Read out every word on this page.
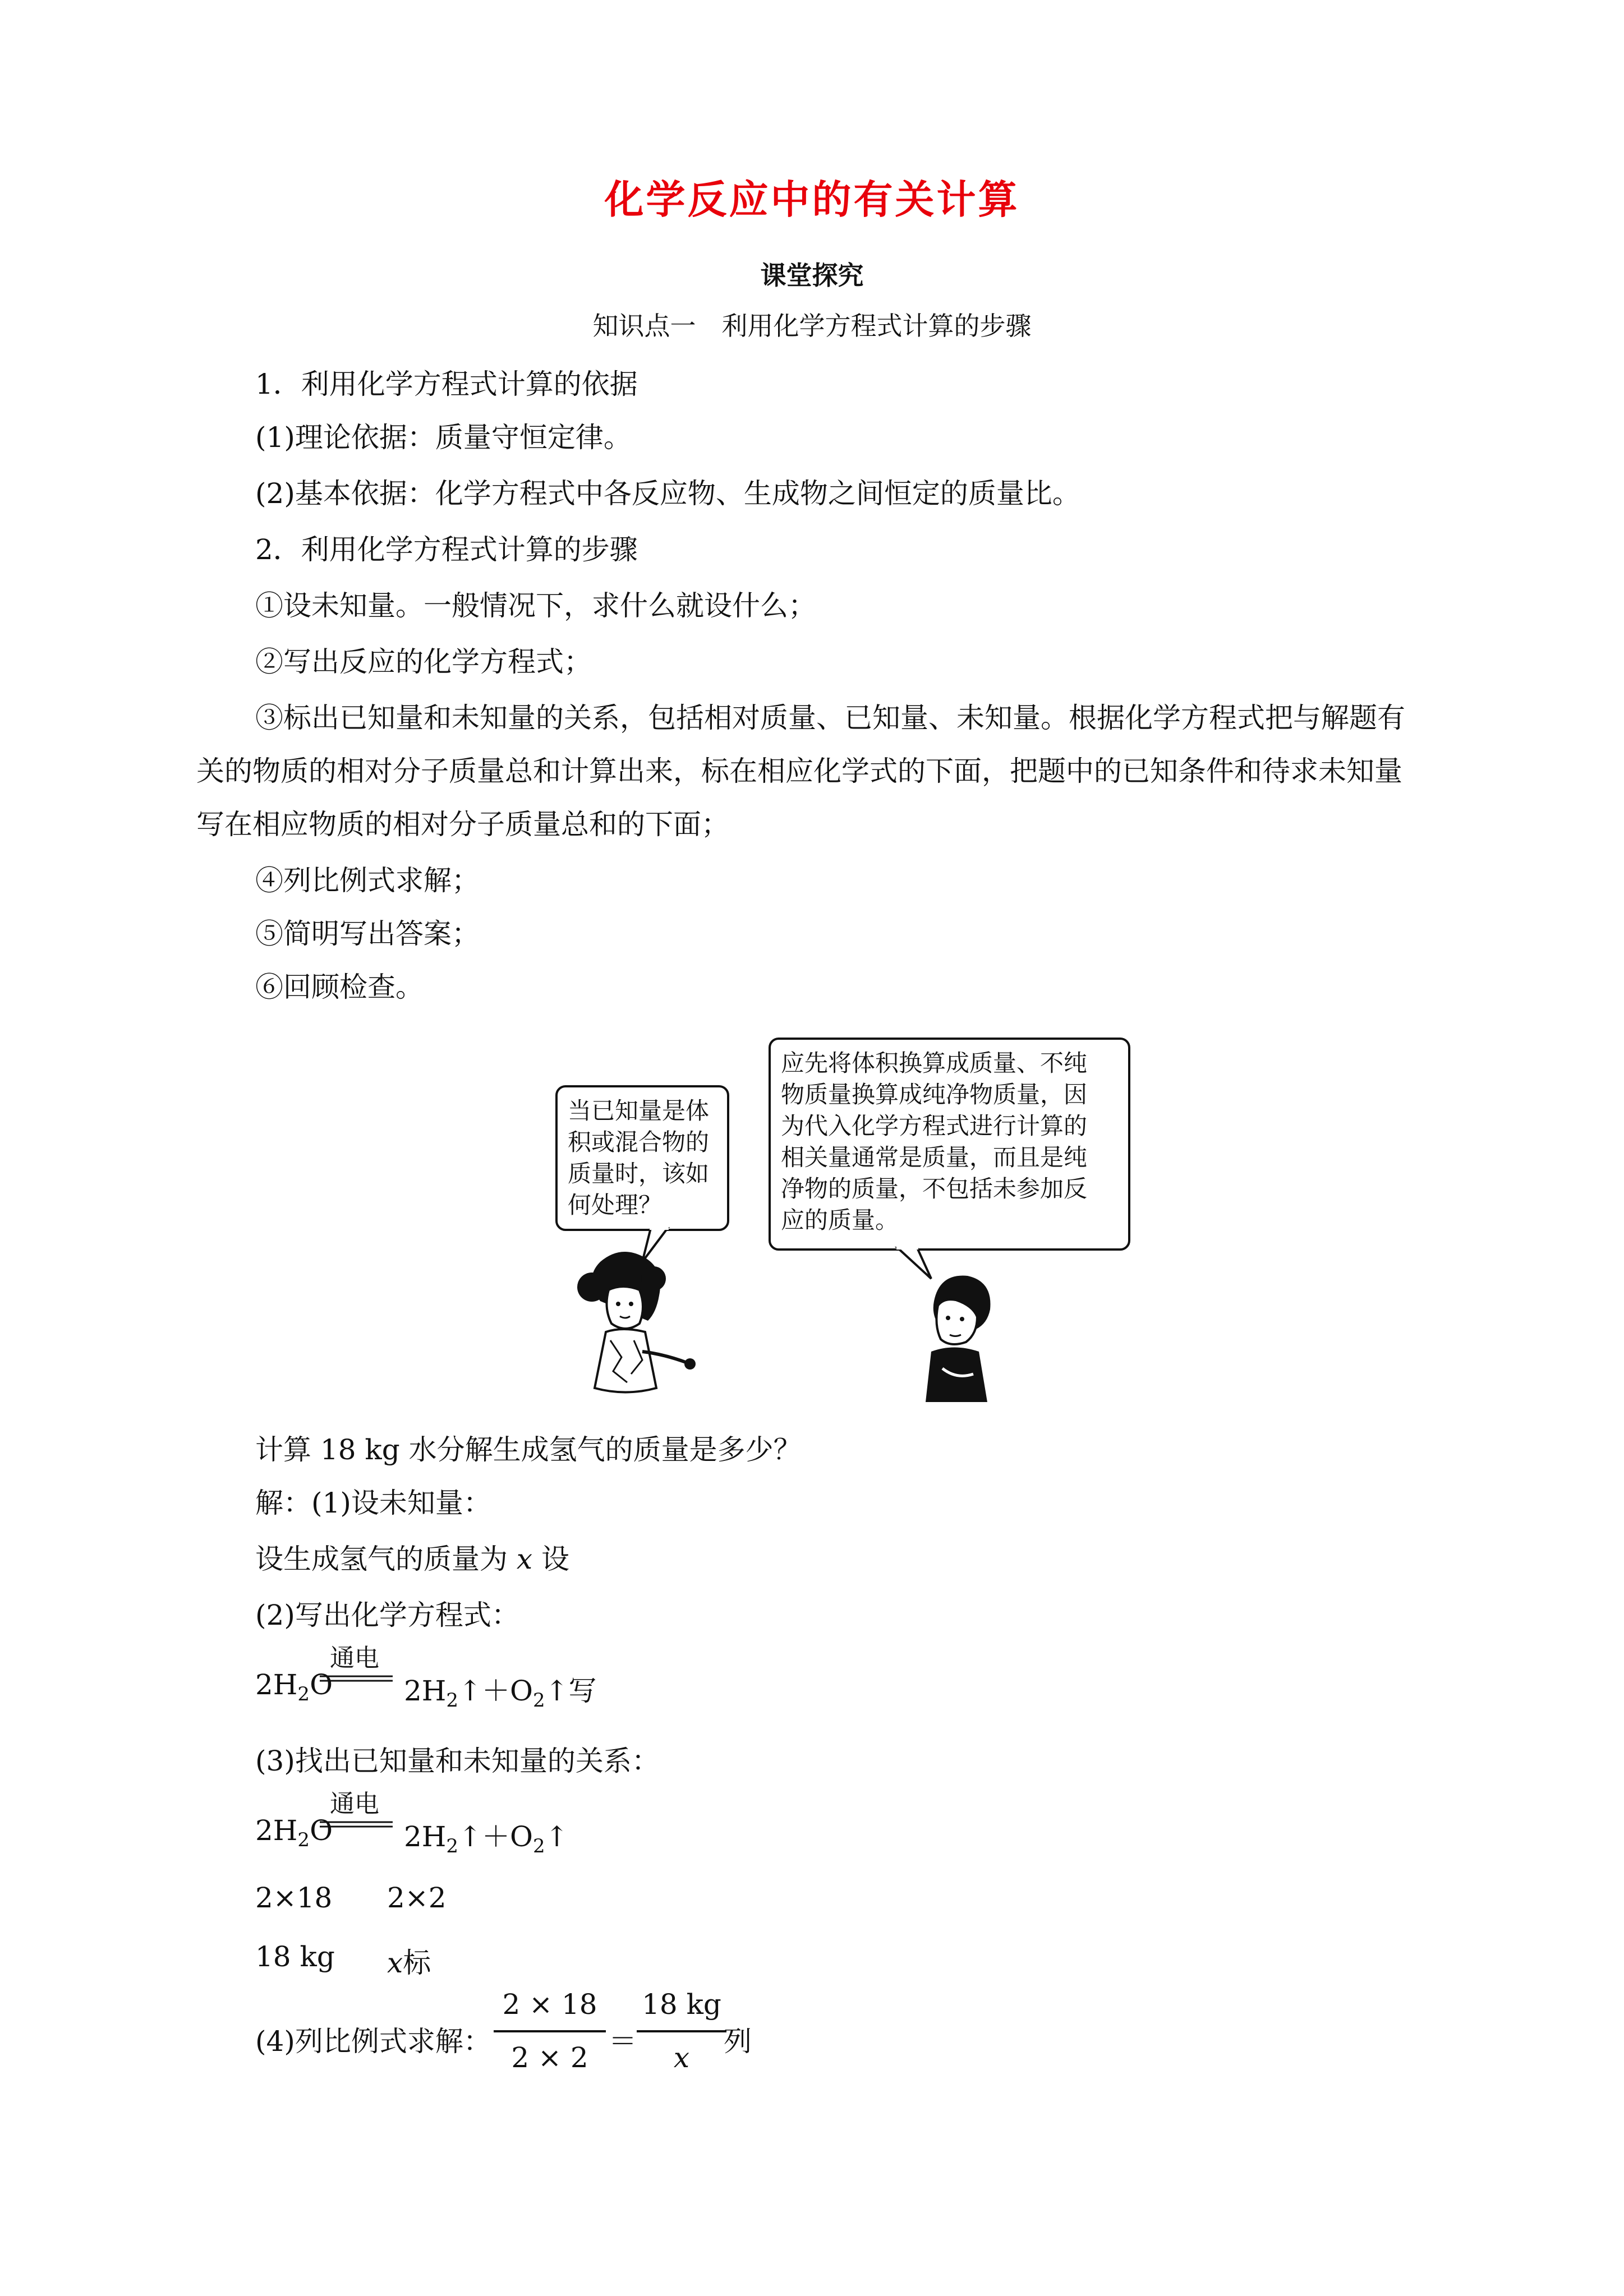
化学反应中的有关计算
课堂探究
知识点一　利用化学方程式计算的步骤
1．利用化学方程式计算的依据
(1)理论依据：质量守恒定律。
(2)基本依据：化学方程式中各反应物、生成物之间恒定的质量比。
2．利用化学方程式计算的步骤
①设未知量。一般情况下，求什么就设什么；
②写出反应的化学方程式；
③标出已知量和未知量的关系，包括相对质量、已知量、未知量。根据化学方程式把与解题有
关的物质的相对分子质量总和计算出来，标在相应化学式的下面，把题中的已知条件和待求未知量
写在相应物质的相对分子质量总和的下面；
④列比例式求解；
⑤简明写出答案；
⑥回顾检查。
当已知量是体
积或混合物的
质量时，该如
何处理？
应先将体积换算成质量、不纯
物质量换算成纯净物质量，因
为代入化学方程式进行计算的
相关量通常是质量，而且是纯
净物的质量，不包括未参加反
应的质量。
计算 18 kg 水分解生成氢气的质量是多少？
解：(1)设未知量：
设生成氢气的质量为 x 设
(2)写出化学方程式：
$2H_2O$
通电
$2H_2↑+O_2↑$写
(3)找出已知量和未知量的关系：
$2H_2O$
通电
$2H_2↑+O_2↑$
2×18 2×2
18 kg x标
(4)列比例式求解：
2 × 18
2 × 2 ＝
18 kg
x	列
